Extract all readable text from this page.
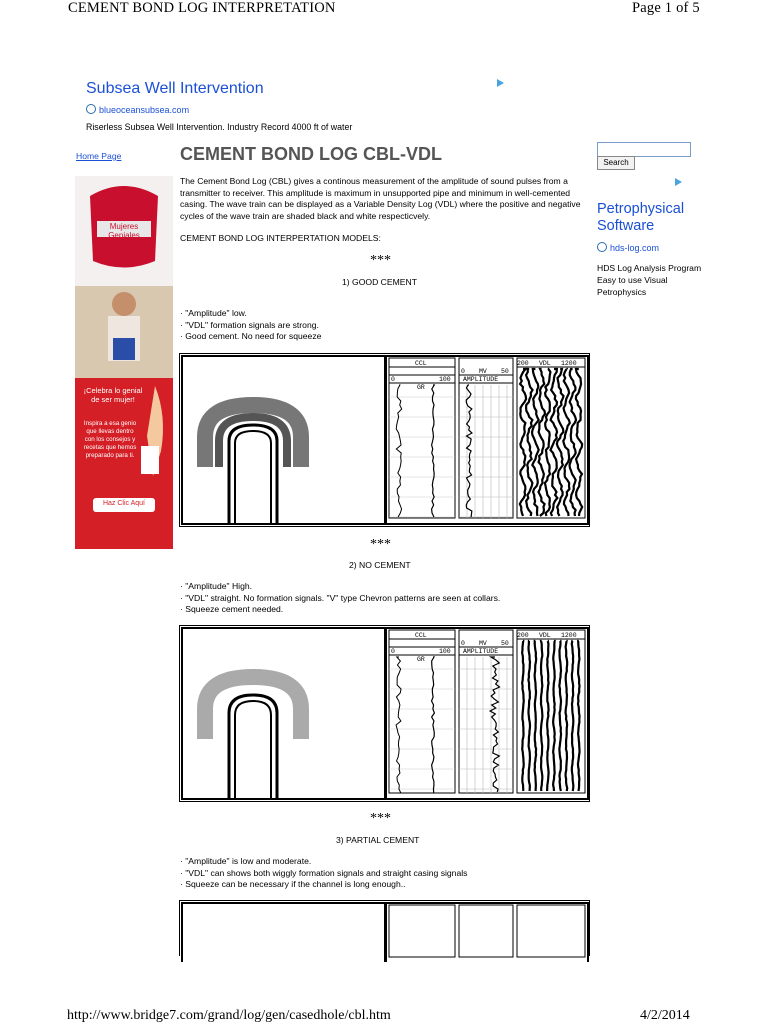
CEMENT BOND LOG INTERPRETATION	Page 1 of 5
Subsea Well Intervention
blueoceansubsea.com
Riserless Subsea Well Intervention. Industry Record 4000 ft of water
Home Page
Search
Petrophysical Software
hds-log.com
HDS Log Analysis Program Easy to use Visual Petrophysics
Mujeres Geniales
¡Celebra lo genial de ser mujer!
Inspira a esa genio que llevas dentro con los consejos y recetas que hemos preparado para ti.
Haz Clic Aquí
CEMENT BOND LOG CBL-VDL
The Cement Bond Log (CBL) gives a continous measurement of the amplitude of sound pulses from a transmitter to receiver. This amplitude is maximum in unsupported pipe and minimum in well-cemented casing. The wave train can be displayed as a Variable Density Log (VDL) where the positive and negative cycles of the wave train are shaded black and white respecticvely.
CEMENT BOND LOG INTERPERTATION MODELS:
***
1) GOOD CEMENT
· "Amplitude" low.
· "VDL" formation signals are strong.
· Good cement. No need for squeeze
CCL
0	100
GR
0 MV 50
AMPLITUDE
200 VDL 1200
***
2) NO CEMENT
· "Amplitude" High.
· "VDL" straight. No formation signals. "V" type Chevron patterns are seen at collars.
· Squeeze cement needed.
CCL
0	100
GR
0 MV 50
AMPLITUDE
200 VDL 1200
***
3) PARTIAL CEMENT
· "Amplitude" is low and moderate.
· "VDL" can shows both wiggly formation signals and straight casing signals
· Squeeze can be necessary if the channel is long enough..
http://www.bridge7.com/grand/log/gen/casedhole/cbl.htm	4/2/2014
